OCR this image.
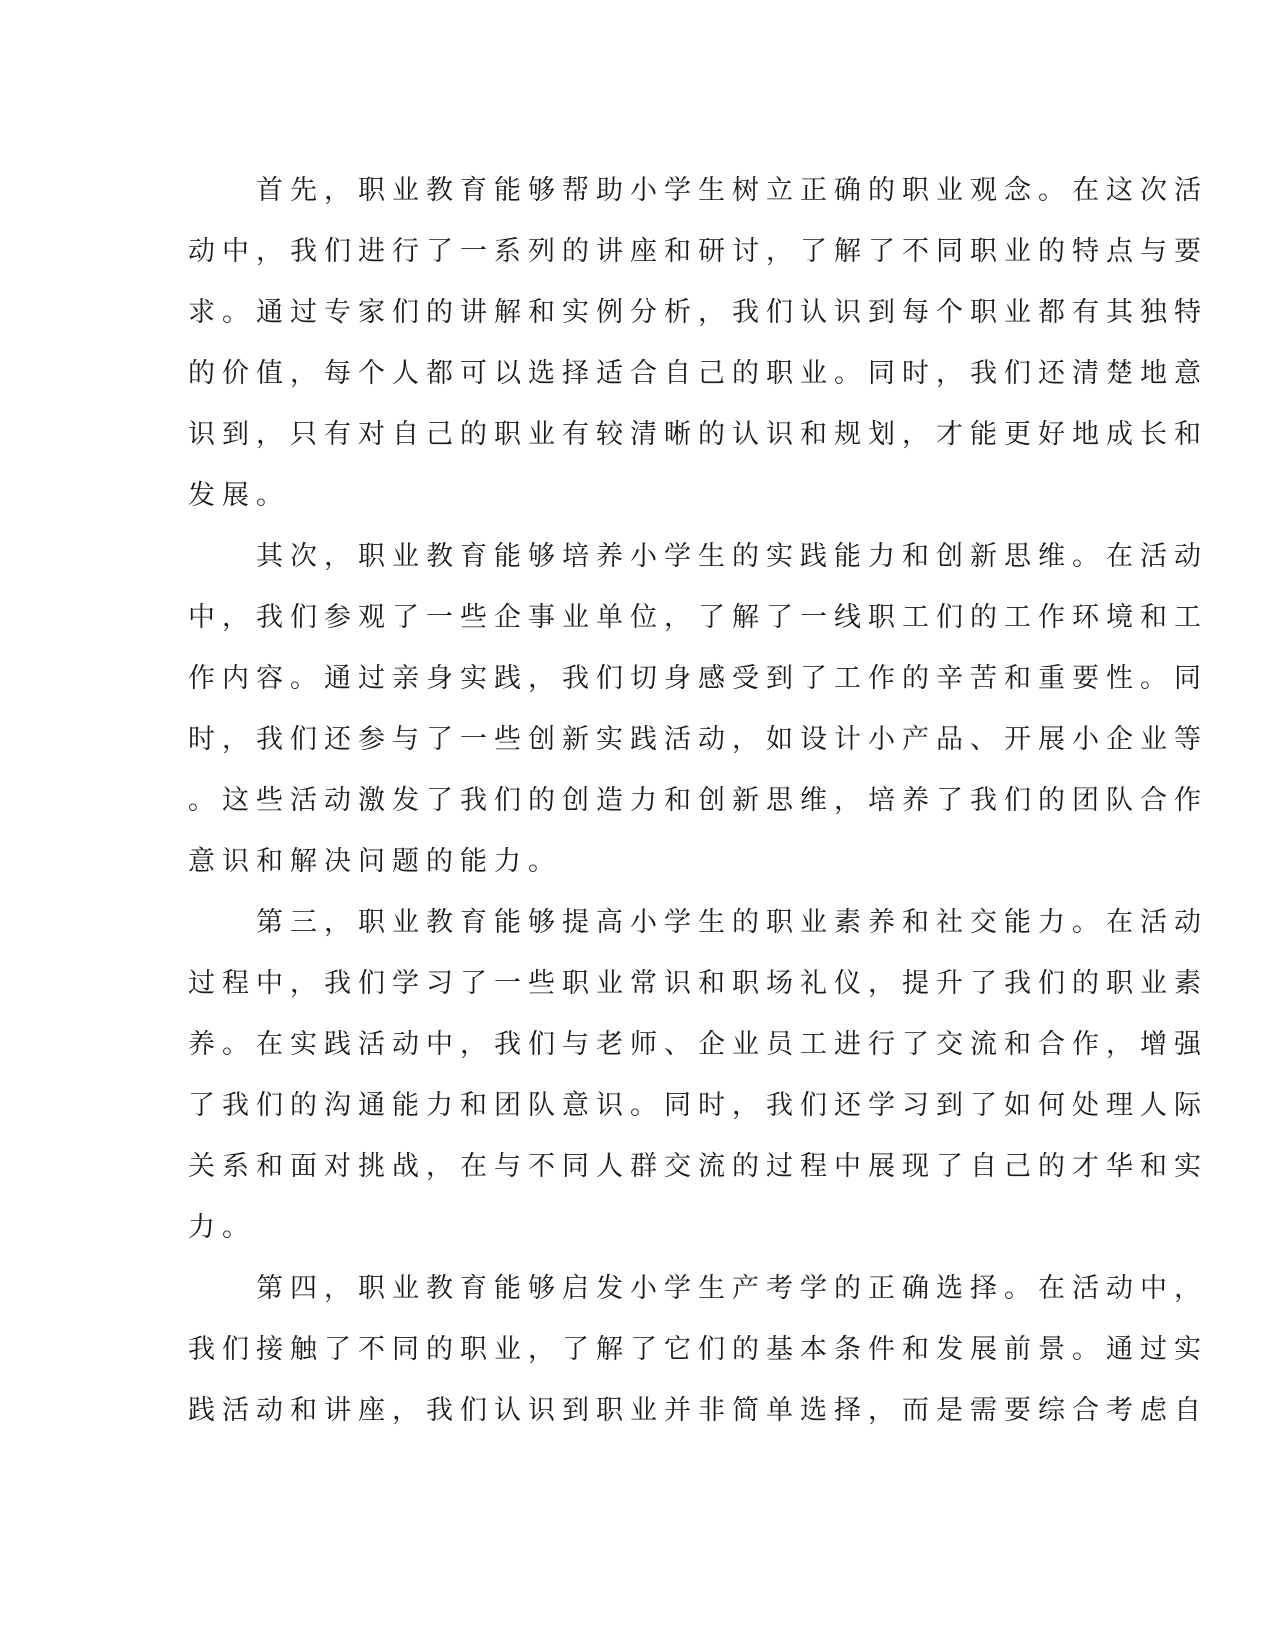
首先，职业教育能够帮助小学生树立正确的职业观念。在这次活
动中，我们进行了一系列的讲座和研讨，了解了不同职业的特点与要
求。通过专家们的讲解和实例分析，我们认识到每个职业都有其独特
的价值，每个人都可以选择适合自己的职业。同时，我们还清楚地意
识到，只有对自己的职业有较清晰的认识和规划，才能更好地成长和
发展。
其次，职业教育能够培养小学生的实践能力和创新思维。在活动
中，我们参观了一些企事业单位，了解了一线职工们的工作环境和工
作内容。通过亲身实践，我们切身感受到了工作的辛苦和重要性。同
时，我们还参与了一些创新实践活动，如设计小产品、开展小企业等
。这些活动激发了我们的创造力和创新思维，培养了我们的团队合作
意识和解决问题的能力。
第三，职业教育能够提高小学生的职业素养和社交能力。在活动
过程中，我们学习了一些职业常识和职场礼仪，提升了我们的职业素
养。在实践活动中，我们与老师、企业员工进行了交流和合作，增强
了我们的沟通能力和团队意识。同时，我们还学习到了如何处理人际
关系和面对挑战，在与不同人群交流的过程中展现了自己的才华和实
力。
第四，职业教育能够启发小学生产考学的正确选择。在活动中，
我们接触了不同的职业，了解了它们的基本条件和发展前景。通过实
践活动和讲座，我们认识到职业并非简单选择，而是需要综合考虑自
